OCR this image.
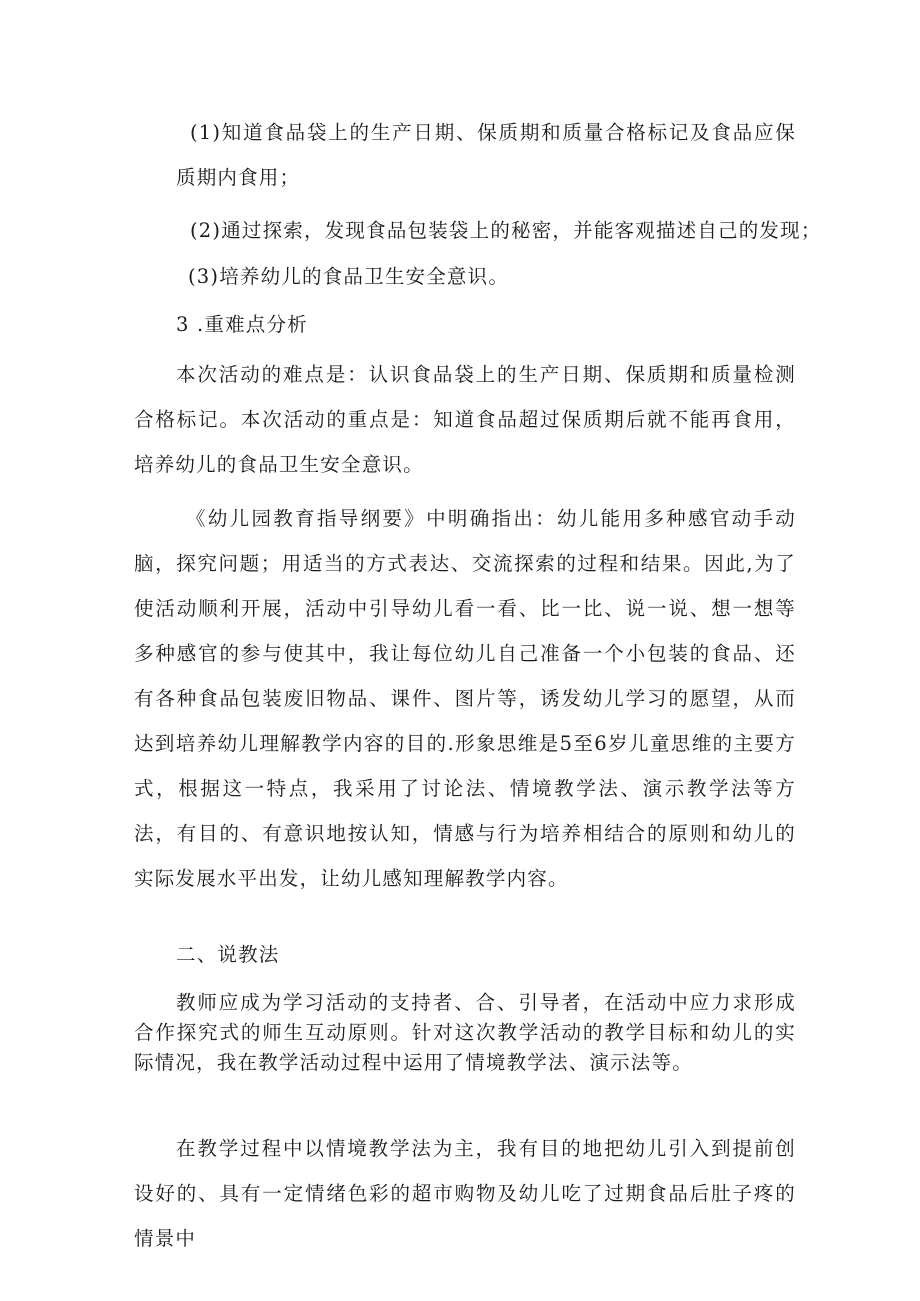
(1)知道食品袋上的生产日期、保质期和质量合格标记及食品应保质期内食用；

(2)通过探索，发现食品包装袋上的秘密，并能客观描述自己的发现；

(3)培养幼儿的食品卫生安全意识。

3 .重难点分析

本次活动的难点是：认识食品袋上的生产日期、保质期和质量检测合格标记。本次活动的重点是：知道食品超过保质期后就不能再食用，培养幼儿的食品卫生安全意识。

《幼儿园教育指导纲要》中明确指出：幼儿能用多种感官动手动脑，探究问题；用适当的方式表达、交流探索的过程和结果。因此,为了使活动顺利开展，活动中引导幼儿看一看、比一比、说一说、想一想等多种感官的参与使其中，我让每位幼儿自己准备一个小包装的食品、还有各种食品包装废旧物品、课件、图片等，诱发幼儿学习的愿望，从而达到培养幼儿理解教学内容的目的.形象思维是5至6岁儿童思维的主要方式，根据这一特点，我采用了讨论法、情境教学法、演示教学法等方法，有目的、有意识地按认知，情感与行为培养相结合的原则和幼儿的实际发展水平出发，让幼儿感知理解教学内容。

二、说教法

教师应成为学习活动的支持者、合、引导者，在活动中应力求形成合作探究式的师生互动原则。针对这次教学活动的教学目标和幼儿的实际情况，我在教学活动过程中运用了情境教学法、演示法等。

在教学过程中以情境教学法为主，我有目的地把幼儿引入到提前创设好的、具有一定情绪色彩的超市购物及幼儿吃了过期食品后肚子疼的情景中
